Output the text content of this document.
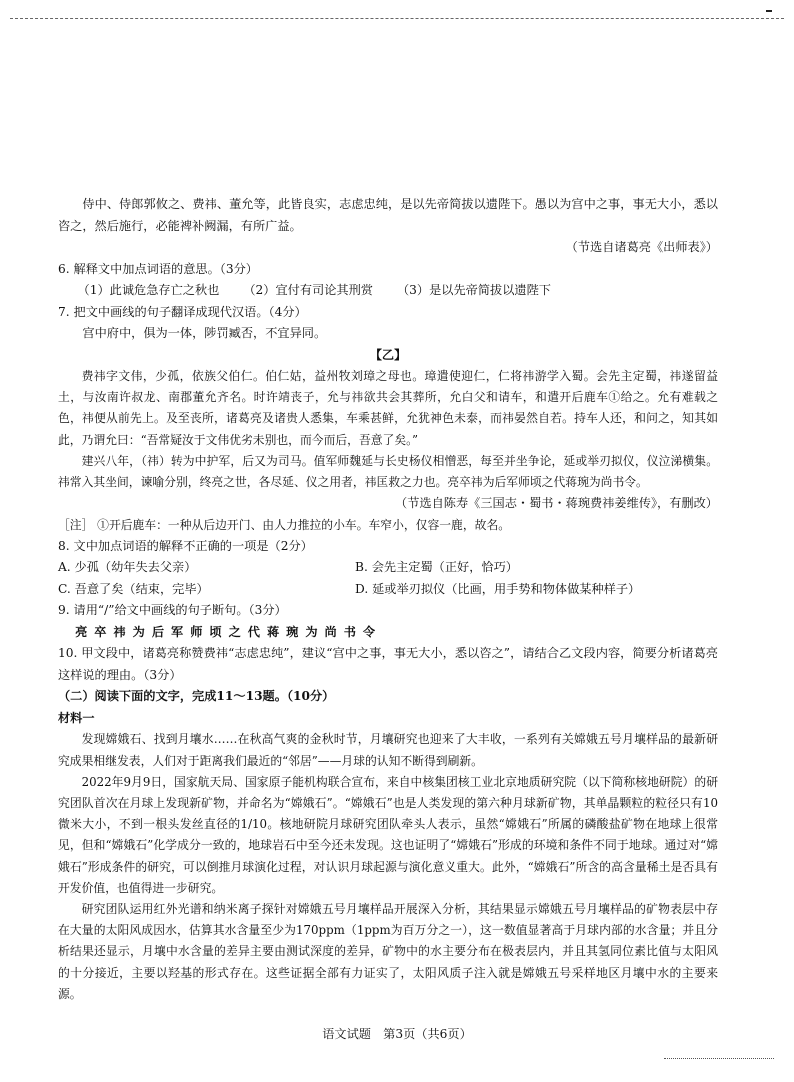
侍中、侍郎郭攸之、费祎、董允等，此皆良实，志虑忠纯，是以先帝简拔以遗陛下。愚以为宫中之事，事无大小，悉以咨之，然后施行，必能裨补阙漏，有所广益。

（节选自诸葛亮《出师表》）

6. 解释文中加点词语的意思。（3分）

（1）此诚危急存亡之秋也 （2）宜付有司论其刑赏 （3）是以先帝简拔以遗陛下

7. 把文中画线的句子翻译成现代汉语。（4分）

宫中府中，俱为一体，陟罚臧否，不宜异同。

【乙】

费祎字文伟，少孤，依族父伯仁。伯仁姑，益州牧刘璋之母也。璋遣使迎仁，仁将祎游学入蜀。会先主定蜀，祎遂留益土，与汝南许叔龙、南郡董允齐名。时许靖丧子，允与祎欲共会其葬所，允白父和请车，和遣开后鹿车①给之。允有难载之色，祎便从前先上。及至丧所，诸葛亮及诸贵人悉集，车乘甚鲜，允犹神色未泰，而祎晏然自若。持车人还，和问之，知其如此，乃谓允曰：“吾常疑汝于文伟优劣未别也，而今而后，吾意了矣。”

建兴八年，（祎）转为中护军，后又为司马。值军师魏延与长史杨仪相憎恶，每至并坐争论，延或举刃拟仪，仪泣涕横集。祎常入其坐间，谏喻分别，终亮之世，各尽延、仪之用者，祎匡救之力也。亮卒祎为后军师顷之代蒋琬为尚书令。

（节选自陈寿《三国志・蜀书・蒋琬费祎姜维传》，有删改）

［注］ ①开后鹿车：一种从后边开门、由人力推拉的小车。车窄小，仅容一鹿，故名。

8. 文中加点词语的解释不正确的一项是（2分）

A. 少孤（幼年失去父亲）	B. 会先主定蜀（正好，恰巧）
C. 吾意了矣（结束，完毕）	D. 延或举刃拟仪（比画，用手势和物体做某种样子）

9. 请用“/”给文中画线的句子断句。（3分）

亮卒祎为后军师顷之代蒋琬为尚书令

10. 甲文段中，诸葛亮称赞费祎“志虑忠纯”，建议“宫中之事，事无大小，悉以咨之”，请结合乙文段内容，简要分析诸葛亮这样说的理由。（3分）

（二）阅读下面的文字，完成11～13题。（10分）

材料一

发现嫦娥石、找到月壤水……在秋高气爽的金秋时节，月壤研究也迎来了大丰收，一系列有关嫦娥五号月壤样品的最新研究成果相继发表，人们对于距离我们最近的“邻居”——月球的认知不断得到刷新。

2022年9月9日，国家航天局、国家原子能机构联合宣布，来自中核集团核工业北京地质研究院（以下简称核地研院）的研究团队首次在月球上发现新矿物，并命名为“嫦娥石”。“嫦娥石”也是人类发现的第六种月球新矿物，其单晶颗粒的粒径只有10微米大小，不到一根头发丝直径的1/10。核地研院月球研究团队牵头人表示，虽然“嫦娥石”所属的磷酸盐矿物在地球上很常见，但和“嫦娥石”化学成分一致的，地球岩石中至今还未发现。这也证明了“嫦娥石”形成的环境和条件不同于地球。通过对“嫦娥石”形成条件的研究，可以倒推月球演化过程，对认识月球起源与演化意义重大。此外，“嫦娥石”所含的高含量稀土是否具有开发价值，也值得进一步研究。

研究团队运用红外光谱和纳米离子探针对嫦娥五号月壤样品开展深入分析，其结果显示嫦娥五号月壤样品的矿物表层中存在大量的太阳风成因水，估算其水含量至少为170ppm（1ppm为百万分之一），这一数值显著高于月球内部的水含量；并且分析结果还显示，月壤中水含量的差异主要由测试深度的差异，矿物中的水主要分布在极表层内，并且其氢同位素比值与太阳风的十分接近，主要以羟基的形式存在。这些证据全部有力证实了，太阳风质子注入就是嫦娥五号采样地区月壤中水的主要来源。

语文试题　第3页（共6页）
